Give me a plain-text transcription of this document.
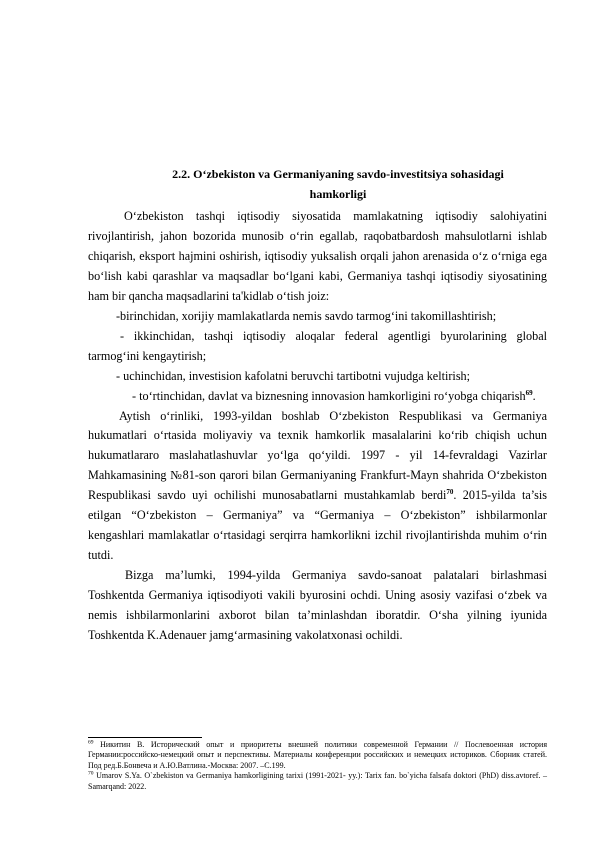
2.2. O‘zbekiston va Germaniyaning savdo-investitsiya sohasidagi
hamkorligi

O‘zbekiston tashqi iqtisodiy siyosatida mamlakatning iqtisodiy salohiyatini rivojlantirish, jahon bozorida munosib o‘rin egallab, raqobatbardosh mahsulotlarni ishlab chiqarish, eksport hajmini oshirish, iqtisodiy yuksalish orqali jahon arenasida o‘z o‘rniga ega bo‘lish kabi qarashlar va maqsadlar bo‘lgani kabi, Germaniya tashqi iqtisodiy siyosatining ham bir qancha maqsadlarini ta'kidlab o‘tish joiz:

-birinchidan, xorijiy mamlakatlarda nemis savdo tarmog‘ini takomillashtirish;

- ikkinchidan, tashqi iqtisodiy aloqalar federal agentligi byurolarining global tarmog‘ini kengaytirish;

- uchinchidan, investision kafolatni beruvchi tartibotni vujudga keltirish;

- to‘rtinchidan, davlat va biznesning innovasion hamkorligini ro‘yobga chiqarish$^{69}$.

Aytish o‘rinliki, 1993-yildan boshlab O‘zbekiston Respublikasi va Germaniya hukumatlari o‘rtasida moliyaviy va texnik hamkorlik masalalarini ko‘rib chiqish uchun hukumatlararo maslahatlashuvlar yo‘lga qo‘yildi. 1997 - yil 14-fevraldagi Vazirlar Mahkamasining №81-son qarori bilan Germaniyaning Frankfurt-Mayn shahrida O‘zbekiston Respublikasi savdo uyi ochilishi munosabatlarni mustahkamlab berdi$^{70}$. 2015-yilda ta’sis etilgan “O‘zbekiston – Germaniya” va “Germaniya – O‘zbekiston” ishbilarmonlar kengashlari mamlakatlar o‘rtasidagi serqirra hamkorlikni izchil rivojlantirishda muhim o‘rin tutdi.

Bizga ma’lumki, 1994-yilda Germaniya savdo-sanoat palatalari birlashmasi Toshkentda Germaniya iqtisodiyoti vakili byurosini ochdi. Uning asosiy vazifasi o‘zbek va nemis ishbilarmonlarini axborot bilan ta’minlashdan iboratdir. O‘sha yilning iyunida Toshkentda K.Adenauer jamg‘armasining vakolatxonasi ochildi.

$^{69}$ Никитин В. Исторический опыт и приоритеты внешней политики современной Германии // Послевоенная история Германии:российско-немецкий опыт и перспективы. Материалы конференции российских и немецких историков. Сборник статей. Под ред.Б.Бонвеча и А.Ю.Ватлина.-Москва: 2007. –С.199.

$^{70}$ Umarov S.Ya. O`zbekiston va Germaniya hamkorligining tarixi (1991-2021- yy.): Tarix fan. bo`yicha falsafa doktori (PhD) diss.avtoref. – Samarqand: 2022.
